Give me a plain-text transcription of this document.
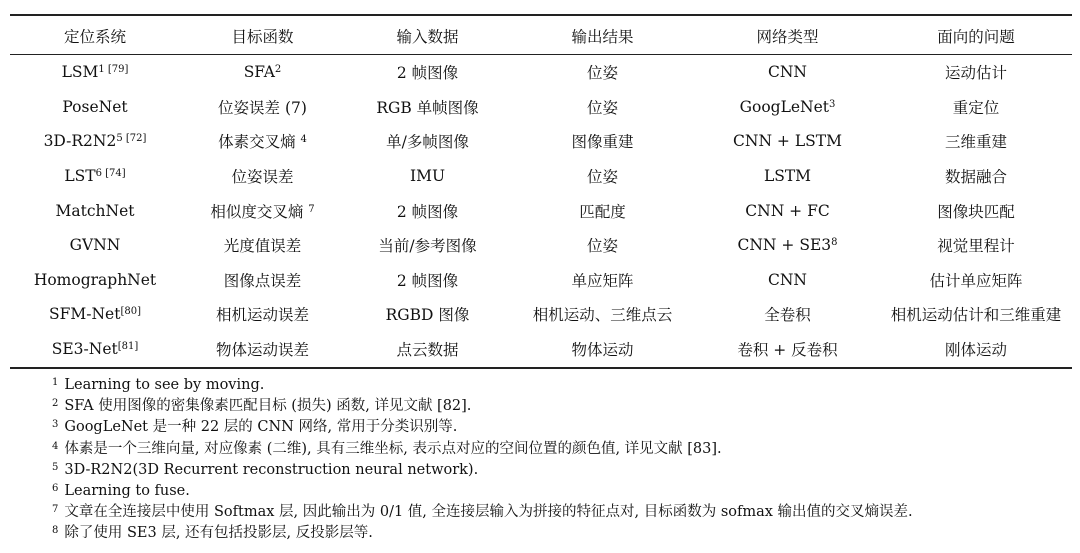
定位系统	目标函数	输入数据	输出结果	网络类型	面向的问题
$LSM^{1 [79]}$	SFA$^2$	2 帧图像	位姿	CNN	运动估计
PoseNet	位姿误差 (7)	RGB 单帧图像	位姿	GoogLeNet$^3$	重定位
$3D-R2N2^{5 [72]}$	体素交叉熵 $^4$	单/多帧图像	图像重建	CNN + LSTM	三维重建
$LST^{6 [74]}$	位姿误差	IMU	位姿	LSTM	数据融合
MatchNet	相似度交叉熵 $^7$	2 帧图像	匹配度	CNN + FC	图像块匹配
GVNN	光度值误差	当前/参考图像	位姿	CNN + $SE3^8$	视觉里程计
HomographNet	图像点误差	2 帧图像	单应矩阵	CNN	估计单应矩阵
SFM-Net[80]	相机运动误差	RGBD 图像	相机运动、三维点云	全卷积	相机运动估计和三维重建
SE3-Net[81]	物体运动误差	点云数据	物体运动	卷积 + 反卷积	刚体运动
$^1$ Learning to see by moving.
$^2$ SFA 使用图像的密集像素匹配目标 (损失) 函数, 详见文献 [82].
$^3$ GoogLeNet 是一种 22 层的 CNN 网络, 常用于分类识别等.
$^4$ 体素是一个三维向量, 对应像素 (二维), 具有三维坐标, 表示点对应的空间位置的颜色值, 详见文献 [83].
$^5$ 3D-R2N2(3D Recurrent reconstruction neural network).
$^6$ Learning to fuse.
$^7$ 文章在全连接层中使用 Softmax 层, 因此输出为 0/1 值, 全连接层输入为拼接的特征点对, 目标函数为 sofmax 输出值的交叉熵误差.
$^8$ 除了使用 SE3 层, 还有包括投影层, 反投影层等.
